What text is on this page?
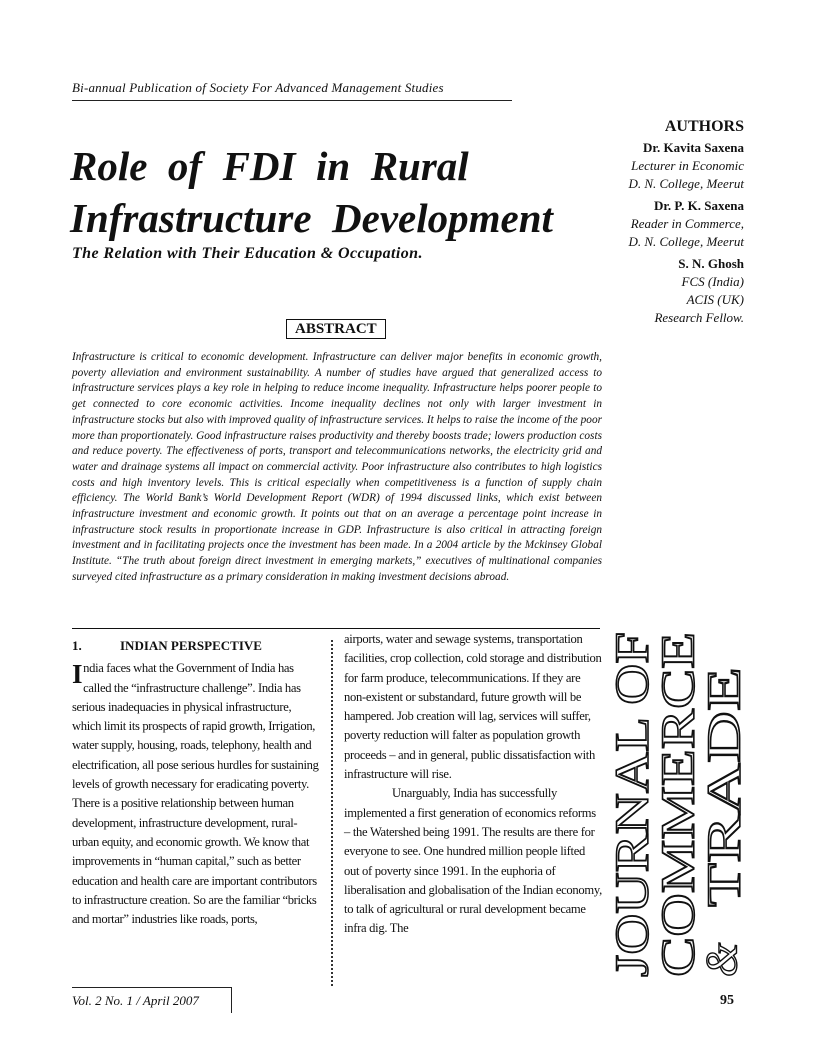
Bi-annual Publication of Society For Advanced Management Studies
Role  of  FDI  in  Rural
Infrastructure  Development
The Relation with Their Education & Occupation.
AUTHORS
Dr. Kavita Saxena
Lecturer in Economic
D. N. College, Meerut
Dr. P. K. Saxena
Reader in Commerce,
D. N. College, Meerut
S. N. Ghosh
FCS (India)
ACIS (UK)
Research Fellow.
ABSTRACT
Infrastructure is critical to economic development. Infrastructure can deliver major benefits in economic growth, poverty alleviation and environment sustainability. A number of studies have argued that generalized access to infrastructure services plays a key role in helping to reduce income inequality. Infrastructure helps poorer people to get connected to core economic activities. Income inequality declines not only with larger investment in infrastructure stocks but also with improved quality of infrastructure services. It helps to raise the income of the poor more than proportionately. Good infrastructure raises productivity and thereby boosts trade; lowers production costs and reduce poverty. The effectiveness of ports, transport and telecommunications networks, the electricity grid and water and drainage systems all impact on commercial activity. Poor infrastructure also contributes to high logistics costs and high inventory levels. This is critical especially when competitiveness is a function of supply chain efficiency. The World Bank’s World Development Report (WDR) of 1994 discussed links, which exist between infrastructure investment and economic growth. It points out that on an average a percentage point increase in infrastructure stock results in proportionate increase in GDP. Infrastructure is also critical in attracting foreign investment and in facilitating projects once the investment has been made. In a 2004 article by the Mckinsey Global Institute. “The truth about foreign direct investment in emerging markets,” executives of multinational companies surveyed cited infrastructure as a primary consideration in making investment decisions abroad.
1.	INDIAN PERSPECTIVE
India faces what the Government of India has called the “infrastructure challenge”. India has serious inadequacies in physical infrastructure, which limit its prospects of rapid growth, Irrigation, water supply, housing, roads, telephony, health and electrification, all pose serious hurdles for sustaining levels of growth necessary for eradicating poverty. There is a positive relationship between human development, infrastructure development, rural-urban equity, and economic growth. We know that improvements in “human capital,” such as better education and health care are important contributors to infrastructure creation. So are the familiar “bricks and mortar” industries like roads, ports,
airports, water and sewage systems, transportation facilities, crop collection, cold storage and distribution for farm produce, telecommunications. If they are non-existent or substandard, future growth will be hampered. Job creation will lag, services will suffer, poverty reduction will falter as population growth proceeds – and in general, public dissatisfaction with infrastructure will rise.
Unarguably, India has successfully implemented a first generation of economics reforms – the Watershed being 1991. The results are there for everyone to see. One hundred million people lifted out of poverty since 1991. In the euphoria of liberalisation and globalisation of the Indian economy, to talk of agricultural or rural development became infra dig. The	JOURNAL OF
COMMERCE
&
TRADE
Vol. 2 No. 1 / April 2007	95
